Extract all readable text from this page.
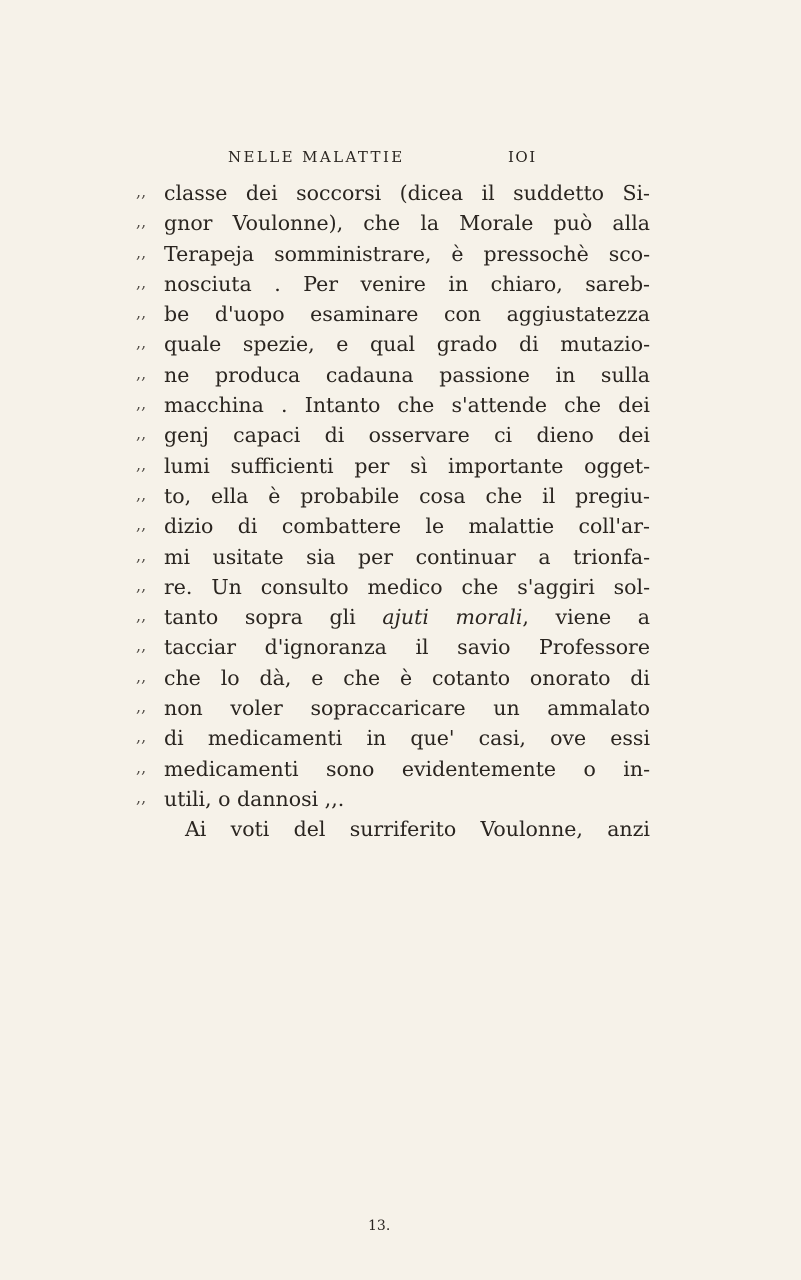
NELLE MALATTIE	IOI
,, classe dei soccorsi (dicea il suddetto Si-
,, gnor Voulonne), che la Morale può alla
,, Terapeja somministrare, è pressochè sco-
,, nosciuta . Per venire in chiaro, sareb-
,, be d'uopo esaminare con aggiustatezza
,, quale spezie, e qual grado di mutazio-
,, ne produca cadauna passione in sulla
,, macchina . Intanto che s'attende che dei
,, genj capaci di osservare ci dieno dei
,, lumi sufficienti per sì importante ogget-
,, to, ella è probabile cosa che il pregiu-
,, dizio di combattere le malattie coll'ar-
,, mi usitate sia per continuar a trionfa-
,, re. Un consulto medico che s'aggiri sol-
,, tanto sopra gli ajuti morali, viene a
,, tacciar d'ignoranza il savio Professore
,, che lo dà, e che è cotanto onorato di
,, non voler sopraccaricare un ammalato
,, di medicamenti in que' casi, ove essi
,, medicamenti sono evidentemente o in-
,, utili, o dannosi ,,.
Ai voti del surriferito Voulonne, anzi
13.
